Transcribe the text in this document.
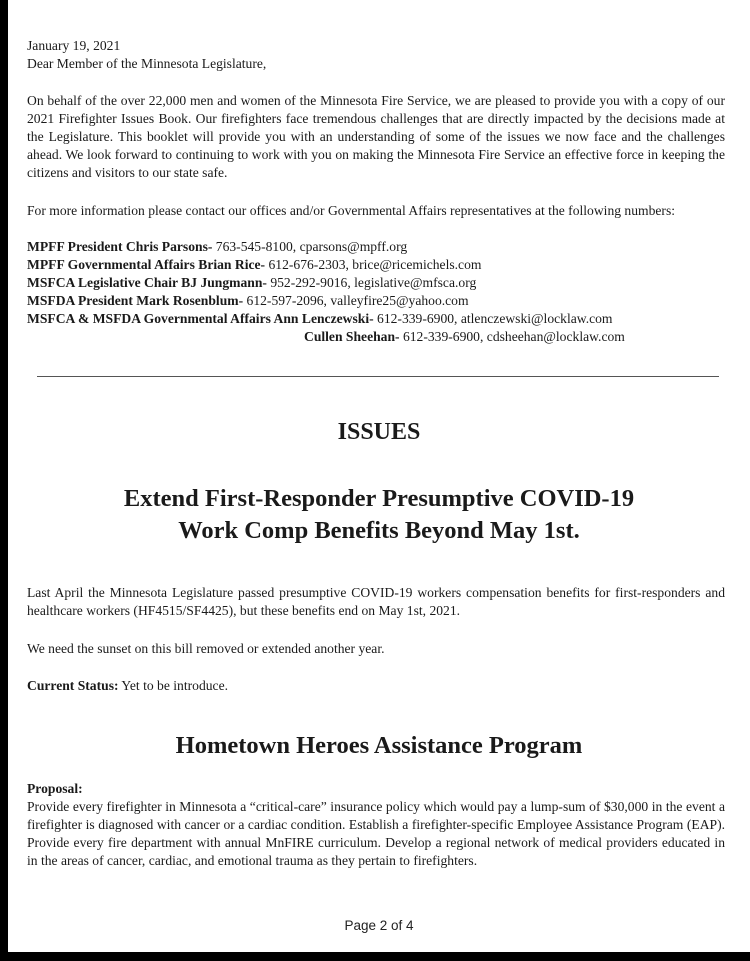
January 19, 2021
Dear Member of the Minnesota Legislature,
On behalf of the over 22,000 men and women of the Minnesota Fire Service, we are pleased to provide you with a copy of our 2021 Firefighter Issues Book. Our firefighters face tremendous challenges that are directly impacted by the decisions made at the Legislature. This booklet will provide you with an understanding of some of the issues we now face and the challenges ahead. We look forward to continuing to work with you on making the Minnesota Fire Service an effective force in keeping the citizens and visitors to our state safe.
For more information please contact our offices and/or Governmental Affairs representatives at the following numbers:
MPFF President Chris Parsons- 763-545-8100, cparsons@mpff.org
MPFF Governmental Affairs Brian Rice- 612-676-2303, brice@ricemichels.com
MSFCA Legislative Chair BJ Jungmann- 952-292-9016, legislative@mfsca.org
MSFDA President Mark Rosenblum- 612-597-2096, valleyfire25@yahoo.com
MSFCA & MSFDA Governmental Affairs Ann Lenczewski- 612-339-6900, atlenczewski@locklaw.com
Cullen Sheehan- 612-339-6900, cdsheehan@locklaw.com
ISSUES
Extend First-Responder Presumptive COVID-19
Work Comp Benefits Beyond May 1st.
Last April the Minnesota Legislature passed presumptive COVID-19 workers compensation benefits for first-responders and healthcare workers (HF4515/SF4425), but these benefits end on May 1st, 2021.
We need the sunset on this bill removed or extended another year.
Current Status: Yet to be introduce.
Hometown Heroes Assistance Program
Proposal:
Provide every firefighter in Minnesota a “critical-care” insurance policy which would pay a lump-sum of $30,000 in the event a firefighter is diagnosed with cancer or a cardiac condition. Establish a firefighter-specific Employee Assistance Program (EAP). Provide every fire department with annual MnFIRE curriculum. Develop a regional network of medical providers educated in in the areas of cancer, cardiac, and emotional trauma as they pertain to firefighters.
Page 2 of 4
